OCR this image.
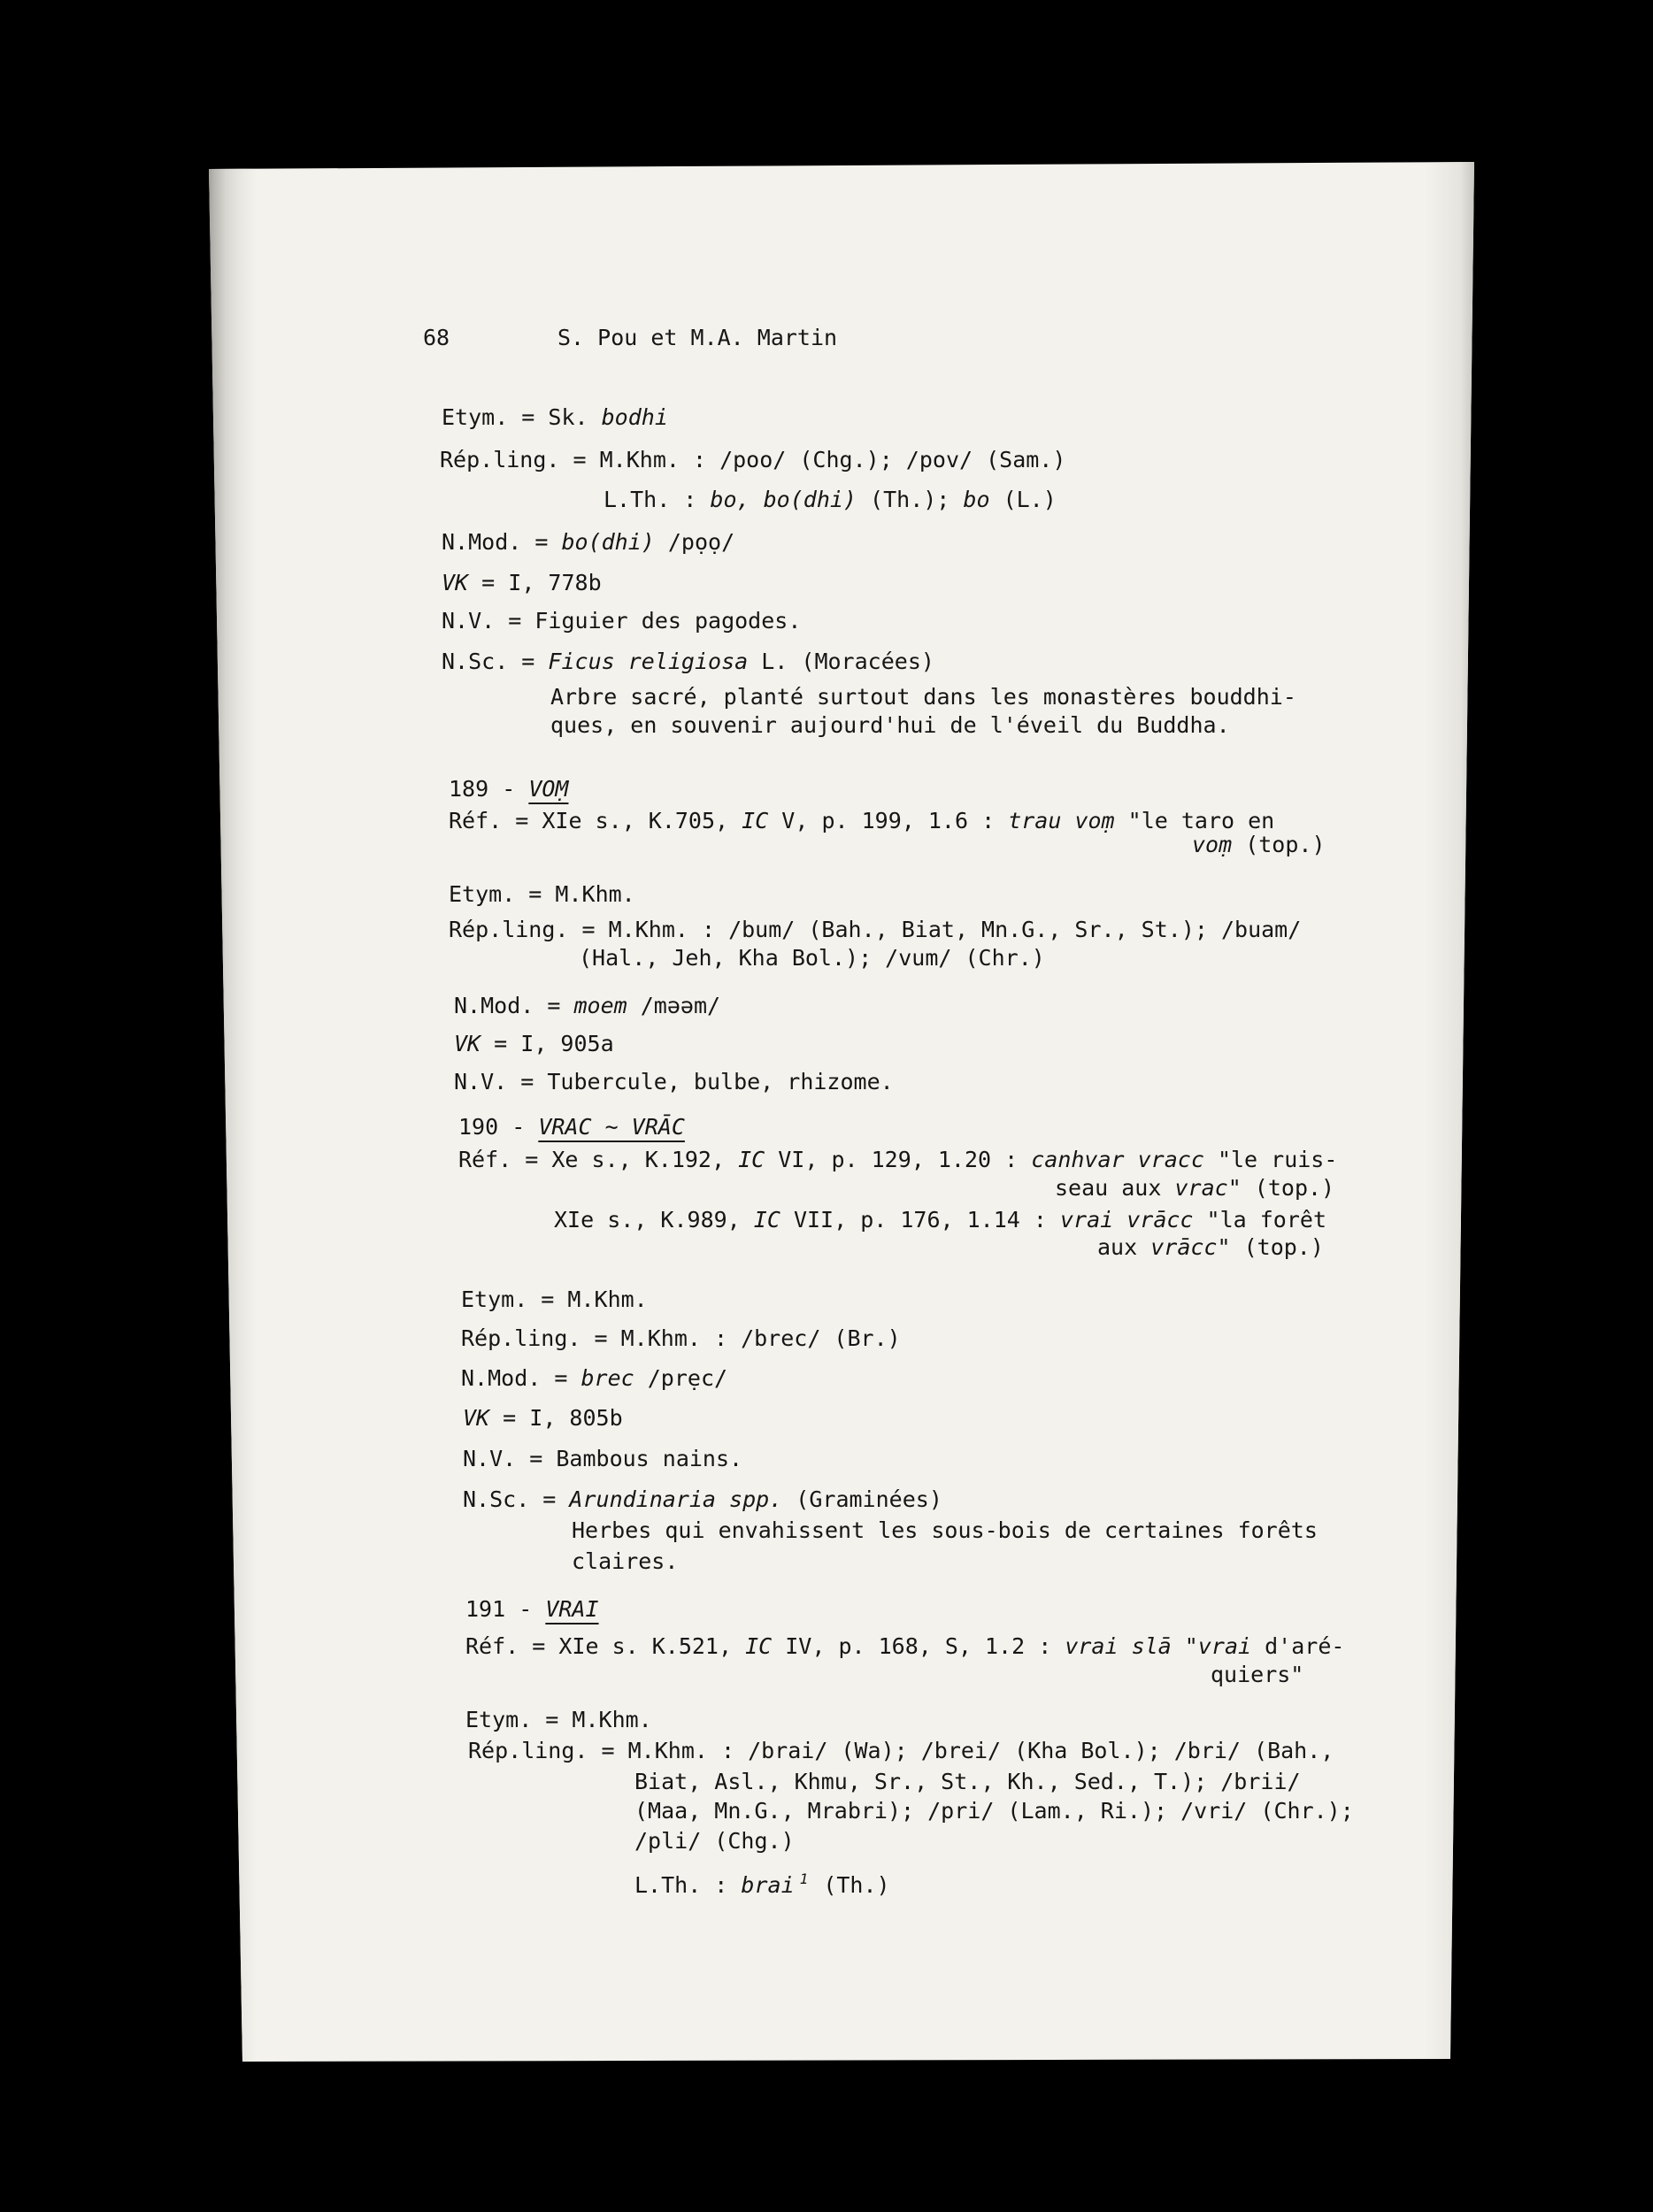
68	S. Pou et M.A. Martin
Etym. = Sk. bodhi
Rép.ling. = M.Khm. : /poo/ (Chg.); /pov/ (Sam.)
L.Th. : bo, bo(dhi) (Th.); bo (L.)
N.Mod. = bo(dhi) /pọọ/
VK = I, 778b
N.V. = Figuier des pagodes.
N.Sc. = Ficus religiosa L. (Moracées)
Arbre sacré, planté surtout dans les monastères bouddhi-
ques, en souvenir aujourd'hui de l'éveil du Buddha.
189 - VOṂ
Réf. = XIe s., K.705, IC V, p. 199, 1.6 : trau voṃ "le taro en
voṃ (top.)
Etym. = M.Khm.
Rép.ling. = M.Khm. : /bum/ (Bah., Biat, Mn.G., Sr., St.); /buam/
(Hal., Jeh, Kha Bol.); /vum/ (Chr.)
N.Mod. = moem /məəm/
VK = I, 905a
N.V. = Tubercule, bulbe, rhizome.
190 - VRAC ∼ VRĀC
Réf. = Xe s., K.192, IC VI, p. 129, 1.20 : canhvar vracc "le ruis-
seau aux vrac" (top.)
XIe s., K.989, IC VII, p. 176, 1.14 : vrai vrācc "la forêt
aux vrācc" (top.)
Etym. = M.Khm.
Rép.ling. = M.Khm. : /brec/ (Br.)
N.Mod. = brec /prẹc/
VK = I, 805b
N.V. = Bambous nains.
N.Sc. = Arundinaria spp. (Graminées)
Herbes qui envahissent les sous-bois de certaines forêts
claires.
191 - VRAI
Réf. = XIe s. K.521, IC IV, p. 168, S, 1.2 : vrai slā "vrai d'aré-
quiers"
Etym. = M.Khm.
Rép.ling. = M.Khm. : /brai/ (Wa); /brei/ (Kha Bol.); /bri/ (Bah.,
Biat, Asl., Khmu, Sr., St., Kh., Sed., T.); /brii/
(Maa, Mn.G., Mrabri); /pri/ (Lam., Ri.); /vri/ (Chr.);
/pli/ (Chg.)
L.Th. : brai $^1$ (Th.)
